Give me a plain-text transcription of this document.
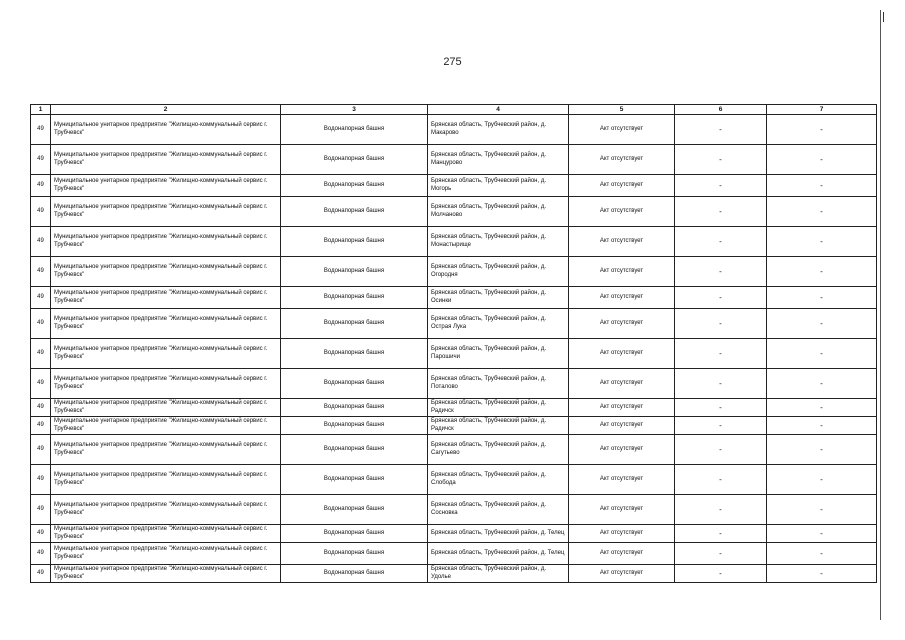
275
1	2	3	4	5	6	7
49	Муниципальное унитарное предприятие "Жилищно-коммунальный сервис г. Трубчевск"	Водонапорная башня	Брянская область, Трубчевский район, д. Макарово	Акт отсутствует	-	-
49	Муниципальное унитарное предприятие "Жилищно-коммунальный сервис г. Трубчевск"	Водонапорная башня	Брянская область, Трубчевский район, д. Манцурово	Акт отсутствует	-	-
49	Муниципальное унитарное предприятие "Жилищно-коммунальный сервис г. Трубчевск"	Водонапорная башня	Брянская область, Трубчевский район, д. Могорь	Акт отсутствует	-	-
49	Муниципальное унитарное предприятие "Жилищно-коммунальный сервис г. Трубчевск"	Водонапорная башня	Брянская область, Трубчевский район, д. Молчаново	Акт отсутствует	-	-
49	Муниципальное унитарное предприятие "Жилищно-коммунальный сервис г. Трубчевск"	Водонапорная башня	Брянская область, Трубчевский район, д. Монастырище	Акт отсутствует	-	-
49	Муниципальное унитарное предприятие "Жилищно-коммунальный сервис г. Трубчевск"	Водонапорная башня	Брянская область, Трубчевский район, д. Огородня	Акт отсутствует	-	-
49	Муниципальное унитарное предприятие "Жилищно-коммунальный сервис г. Трубчевск"	Водонапорная башня	Брянская область, Трубчевский район, д. Осинки	Акт отсутствует	-	-
49	Муниципальное унитарное предприятие "Жилищно-коммунальный сервис г. Трубчевск"	Водонапорная башня	Брянская область, Трубчевский район, д. Острая Лука	Акт отсутствует	-	-
49	Муниципальное унитарное предприятие "Жилищно-коммунальный сервис г. Трубчевск"	Водонапорная башня	Брянская область, Трубчевский район, д. Парошичи	Акт отсутствует	-	-
49	Муниципальное унитарное предприятие "Жилищно-коммунальный сервис г. Трубчевск"	Водонапорная башня	Брянская область, Трубчевский район, д. Поталово	Акт отсутствует	-	-
49	Муниципальное унитарное предприятие "Жилищно-коммунальный сервис г. Трубчевск"	Водонапорная башня	Брянская область, Трубчевский район, д. Радичск	Акт отсутствует	-	-
49	Муниципальное унитарное предприятие "Жилищно-коммунальный сервис г. Трубчевск"	Водонапорная башня	Брянская область, Трубчевский район, д. Радичск	Акт отсутствует	-	-
49	Муниципальное унитарное предприятие "Жилищно-коммунальный сервис г. Трубчевск"	Водонапорная башня	Брянская область, Трубчевский район, д. Сагутьево	Акт отсутствует	-	-
49	Муниципальное унитарное предприятие "Жилищно-коммунальный сервис г. Трубчевск"	Водонапорная башня	Брянская область, Трубчевский район, д. Слобода	Акт отсутствует	-	-
49	Муниципальное унитарное предприятие "Жилищно-коммунальный сервис г. Трубчевск"	Водонапорная башня	Брянская область, Трубчевский район, д. Сосновка	Акт отсутствует	-	-
49	Муниципальное унитарное предприятие "Жилищно-коммунальный сервис г. Трубчевск"	Водонапорная башня	Брянская область, Трубчевский район, д. Телец	Акт отсутствует	-	-
49	Муниципальное унитарное предприятие "Жилищно-коммунальный сервис г. Трубчевск"	Водонапорная башня	Брянская область, Трубчевский район, д. Телец	Акт отсутствует	-	-
49	Муниципальное унитарное предприятие "Жилищно-коммунальный сервис г. Трубчевск"	Водонапорная башня	Брянская область, Трубчевский район, д. Удолье	Акт отсутствует	-	-
